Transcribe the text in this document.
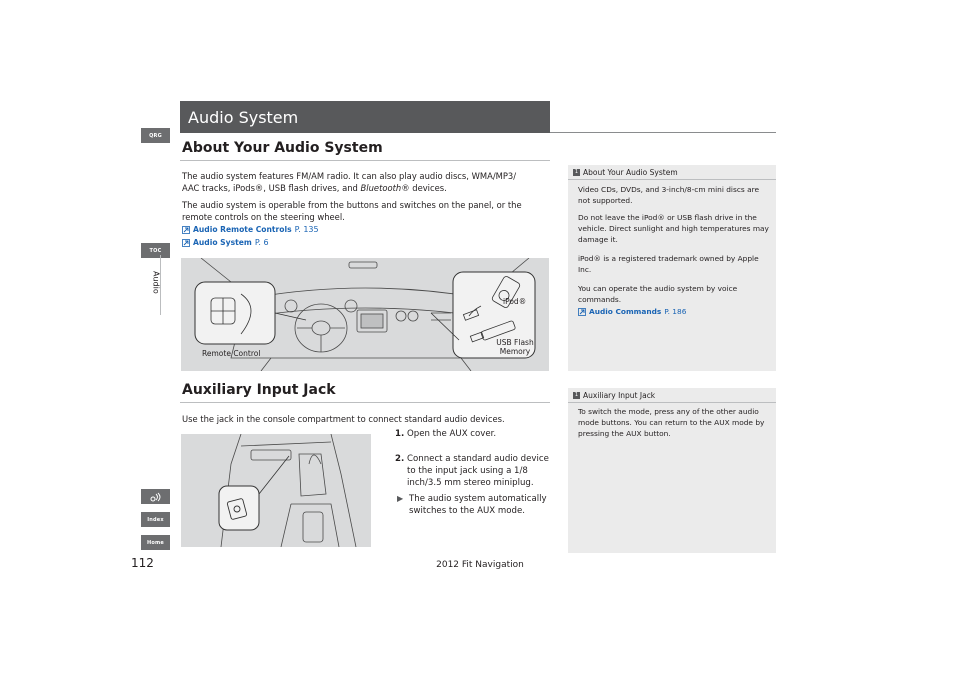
QRG
TOC
Audio
Index
Home
Audio System
About Your Audio System
The audio system features FM/AM radio. It can also play audio discs, WMA/MP3/
AAC tracks, iPods®, USB flash drives, and Bluetooth® devices.
The audio system is operable from the buttons and switches on the panel, or the
remote controls on the steering wheel.
Audio Remote Controls P. 135
Audio System P. 6
Remote Control
iPod®
USB Flash
Memory
Auxiliary Input Jack
Use the jack in the console compartment to connect standard audio devices.
1. Open the AUX cover.
2. Connect a standard audio device to the input jack using a 1/8 inch/3.5 mm stereo miniplug.
▶ The audio system automatically switches to the AUX mode.
1 About Your Audio System
Video CDs, DVDs, and 3-inch/8-cm mini discs are not supported.
Do not leave the iPod® or USB flash drive in the vehicle. Direct sunlight and high temperatures may damage it.
iPod® is a registered trademark owned by Apple Inc.
You can operate the audio system by voice commands.
Audio Commands P. 186
1 Auxiliary Input Jack
To switch the mode, press any of the other audio mode buttons. You can return to the AUX mode by pressing the AUX button.
112	2012 Fit Navigation
